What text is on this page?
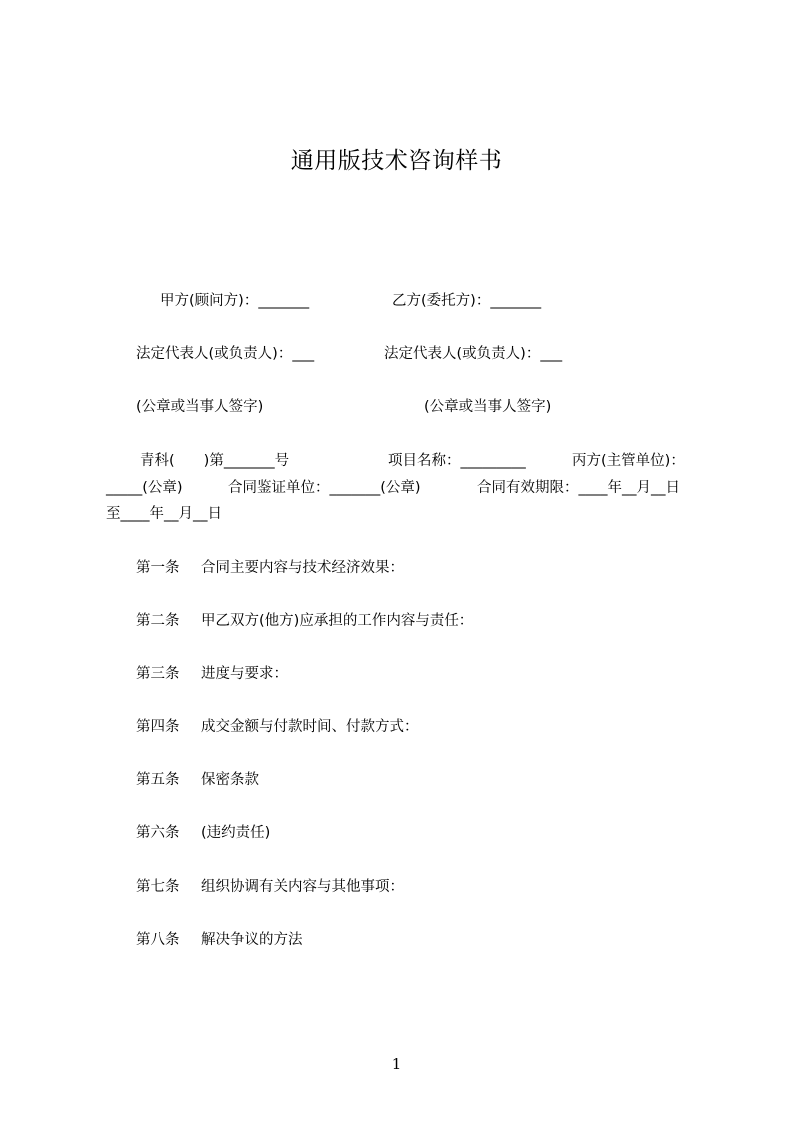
通用版技术咨询样书
甲方(顾问方)：_______	乙方(委托方)：_______
法定代表人(或负责人)：___	法定代表人(或负责人)：___
(公章或当事人签字)	(公章或当事人签字)
青科(　　)第_______号	项目名称：_________	丙方(主管单位)：
_____(公章)	合同鉴证单位：_______(公章)	合同有效期限：____年__月__日
至____年__月__日
第一条 合同主要内容与技术经济效果：
第二条 甲乙双方(他方)应承担的工作内容与责任：
第三条 进度与要求：
第四条 成交金额与付款时间、付款方式：
第五条 保密条款
第六条 (违约责任)
第七条 组织协调有关内容与其他事项：
第八条 解决争议的方法
1
